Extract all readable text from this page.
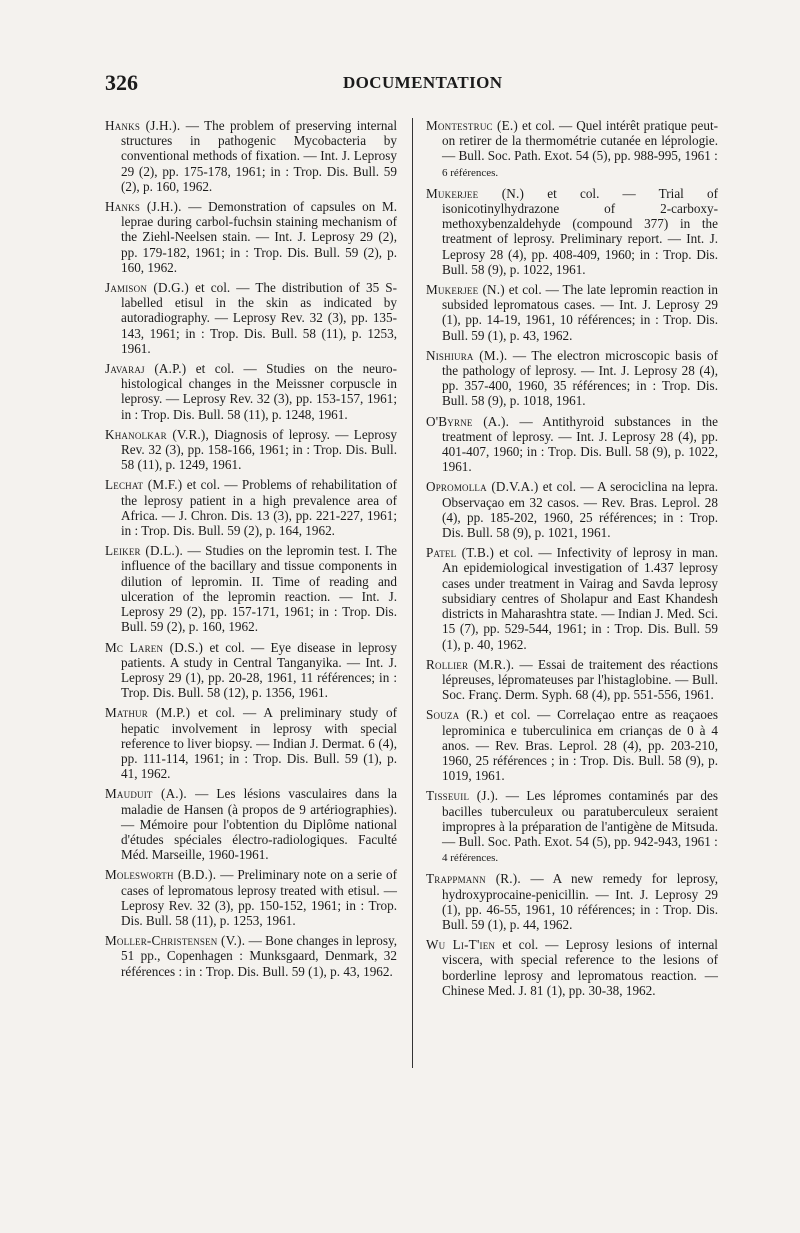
326	DOCUMENTATION

Hanks (J.H.). — The problem of preserving internal structures in pathogenic Mycobacteria by conventional methods of fixation. — Int. J. Leprosy 29 (2), pp. 175-178, 1961; in : Trop. Dis. Bull. 59 (2), p. 160, 1962.

Hanks (J.H.). — Demonstration of capsules on M. leprae during carbol-fuchsin staining mechanism of the Ziehl-Neelsen stain. — Int. J. Leprosy 29 (2), pp. 179-182, 1961; in : Trop. Dis. Bull. 59 (2), p. 160, 1962.

Jamison (D.G.) et col. — The distribution of 35 S-labelled etisul in the skin as indicated by autoradiography. — Leprosy Rev. 32 (3), pp. 135-143, 1961; in : Trop. Dis. Bull. 58 (11), p. 1253, 1961.

Javaraj (A.P.) et col. — Studies on the neuro-histological changes in the Meissner corpuscle in leprosy. — Leprosy Rev. 32 (3), pp. 153-157, 1961; in : Trop. Dis. Bull. 58 (11), p. 1248, 1961.

Khanolkar (V.R.), Diagnosis of leprosy. — Leprosy Rev. 32 (3), pp. 158-166, 1961; in : Trop. Dis. Bull. 58 (11), p. 1249, 1961.

Lechat (M.F.) et col. — Problems of rehabilitation of the leprosy patient in a high prevalence area of Africa. — J. Chron. Dis. 13 (3), pp. 221-227, 1961; in : Trop. Dis. Bull. 59 (2), p. 164, 1962.

Leiker (D.L.). — Studies on the lepromin test. I. The influence of the bacillary and tissue components in dilution of lepromin. II. Time of reading and ulceration of the lepromin reaction. — Int. J. Leprosy 29 (2), pp. 157-171, 1961; in : Trop. Dis. Bull. 59 (2), p. 160, 1962.

Mc Laren (D.S.) et col. — Eye disease in leprosy patients. A study in Central Tanganyika. — Int. J. Leprosy 29 (1), pp. 20-28, 1961, 11 références; in : Trop. Dis. Bull. 58 (12), p. 1356, 1961.

Mathur (M.P.) et col. — A preliminary study of hepatic involvement in leprosy with special reference to liver biopsy. — Indian J. Dermat. 6 (4), pp. 111-114, 1961; in : Trop. Dis. Bull. 59 (1), p. 41, 1962.

Mauduit (A.). — Les lésions vasculaires dans la maladie de Hansen (à propos de 9 artériographies). — Mémoire pour l'obtention du Diplôme national d'études spéciales électro-radiologiques. Faculté Méd. Marseille, 1960-1961.

Molesworth (B.D.). — Preliminary note on a serie of cases of lepromatous leprosy treated with etisul. — Leprosy Rev. 32 (3), pp. 150-152, 1961; in : Trop. Dis. Bull. 58 (11), p. 1253, 1961.

Moller-Christensen (V.). — Bone changes in leprosy, 51 pp., Copenhagen : Munksgaard, Denmark, 32 références : in : Trop. Dis. Bull. 59 (1), p. 43, 1962.

Montestruc (E.) et col. — Quel intérêt pratique peut-on retirer de la thermométrie cutanée en léprologie. — Bull. Soc. Path. Exot. 54 (5), pp. 988-995, 1961 :
6 références.

Mukerjee (N.) et col. — Trial of isonicotinylhydrazone of 2-carboxy-methoxybenzaldehyde (compound 377) in the treatment of leprosy. Preliminary report. — Int. J. Leprosy 28 (4), pp. 408-409, 1960; in : Trop. Dis. Bull. 58 (9), p. 1022, 1961.

Mukerjee (N.) et col. — The late lepromin reaction in subsided lepromatous cases. — Int. J. Leprosy 29 (1), pp. 14-19, 1961, 10 références; in : Trop. Dis. Bull. 59 (1), p. 43, 1962.

Nishiura (M.). — The electron microscopic basis of the pathology of leprosy. — Int. J. Leprosy 28 (4), pp. 357-400, 1960, 35 références; in : Trop. Dis. Bull. 58 (9), p. 1018, 1961.

O'Byrne (A.). — Antithyroid substances in the treatment of leprosy. — Int. J. Leprosy 28 (4), pp. 401-407, 1960; in : Trop. Dis. Bull. 58 (9), p. 1022, 1961.

Opromolla (D.V.A.) et col. — A serociclina na lepra. Observaçao em 32 casos. — Rev. Bras. Leprol. 28 (4), pp. 185-202, 1960, 25 références; in : Trop. Dis. Bull. 58 (9), p. 1021, 1961.

Patel (T.B.) et col. — Infectivity of leprosy in man. An epidemiological investigation of 1.437 leprosy cases under treatment in Vairag and Savda leprosy subsidiary centres of Sholapur and East Khandesh districts in Maharashtra state. — Indian J. Med. Sci. 15 (7), pp. 529-544, 1961; in : Trop. Dis. Bull. 59 (1), p. 40, 1962.

Rollier (M.R.). — Essai de traitement des réactions lépreuses, lépromateuses par l'histaglobine. — Bull. Soc. Franç. Derm. Syph. 68 (4), pp. 551-556, 1961.

Souza (R.) et col. — Correlaçao entre as reaçaoes leprominica e tuberculinica em crianças de 0 à 4 anos. — Rev. Bras. Leprol. 28 (4), pp. 203-210, 1960, 25 références ; in : Trop. Dis. Bull. 58 (9), p. 1019, 1961.

Tisseuil (J.). — Les lépromes contaminés par des bacilles tuberculeux ou paratuberculeux seraient impropres à la préparation de l'antigène de Mitsuda. — Bull. Soc. Path. Exot. 54 (5), pp. 942-943, 1961 :
4 références.

Trappmann (R.). — A new remedy for leprosy, hydroxyprocaine-penicillin. — Int. J. Leprosy 29 (1), pp. 46-55, 1961, 10 références; in : Trop. Dis. Bull. 59 (1), p. 44, 1962.

Wu Li-T'ien et col. — Leprosy lesions of internal viscera, with special reference to the lesions of borderline leprosy and lepromatous reaction. — Chinese Med. J. 81 (1), pp. 30-38, 1962.
